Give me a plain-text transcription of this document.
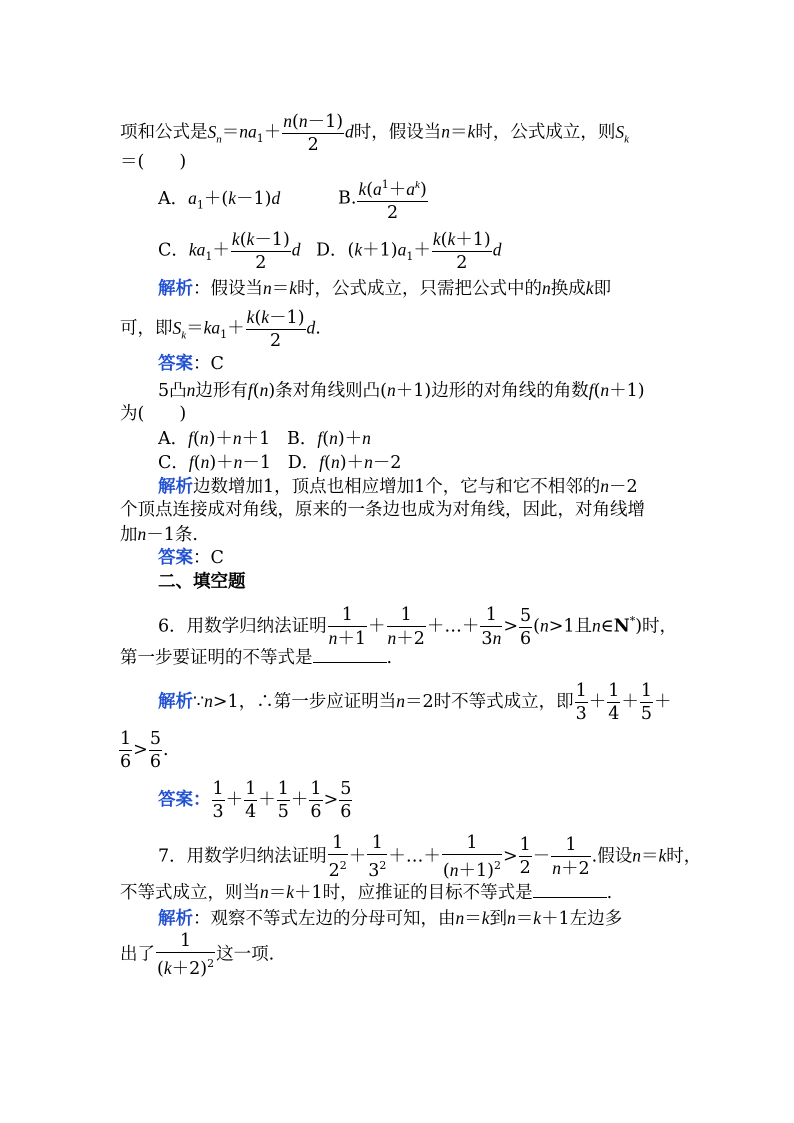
项和公式是$S_n=na_1+ \frac{n(n-1)}{2}$ d时，假设当n＝k时，公式成立，则$S_k$
＝(　　)
A．$a_1+(k-1)d$	B. $\frac{k(a^1+a^k)}{2}$
C．$ka_1+ \frac{k(k-1)}{2}$ d D．$(k+1)a_1+ \frac{k(k+1)}{2}$ d
解析：假设当n＝k时，公式成立，只需把公式中的n换成k即
可，即$S_k=ka_1+ \frac{k(k-1)}{2} d$.
答案：C
5凸n边形有f(n)条对角线则凸(n＋1)边形的对角线的角数f(n＋1)
为(　　)
A．f(n)＋n＋1   B．f(n)＋n
C．f(n)＋n－1   D．f(n)＋n－2
解析边数增加1，顶点也相应增加1个，它与和它不相邻的n－2
个顶点连接成对角线，原来的一条边也成为对角线，因此，对角线增
加n－1条.
答案：C
二、填空题
6．用数学归纳法证明 $\frac{1}{n+1} + \frac{1}{n+2}$ ＋…＋ $\frac{1}{3n} > \frac{5}{6} (n>1$且n∈N*)时，
第一步要证明的不等式是	.
解析∵n>1，∴第一步应证明当n＝2时不等式成立，即 $\frac{1}{3} + \frac{1}{4} + \frac{1}{5}$ ＋
$\frac{1}{6} > \frac{5}{6}$ .
答案： $\frac{1}{3} + \frac{1}{4} + \frac{1}{5} + \frac{1}{6} > \frac{5}{6}$
7．用数学归纳法证明 $\frac{1}{2^2} + \frac{1}{3^2}$ ＋…＋ $\frac{1}{(n+1)^2} > \frac{1}{2} - \frac{1}{n+2}$ .假设n＝k时，
不等式成立，则当n＝k＋1时，应推证的目标不等式是	.
解析：观察不等式左边的分母可知，由n＝k到n＝k＋1左边多
出了 $\frac{1}{(k+2)^2}$ 这一项.
